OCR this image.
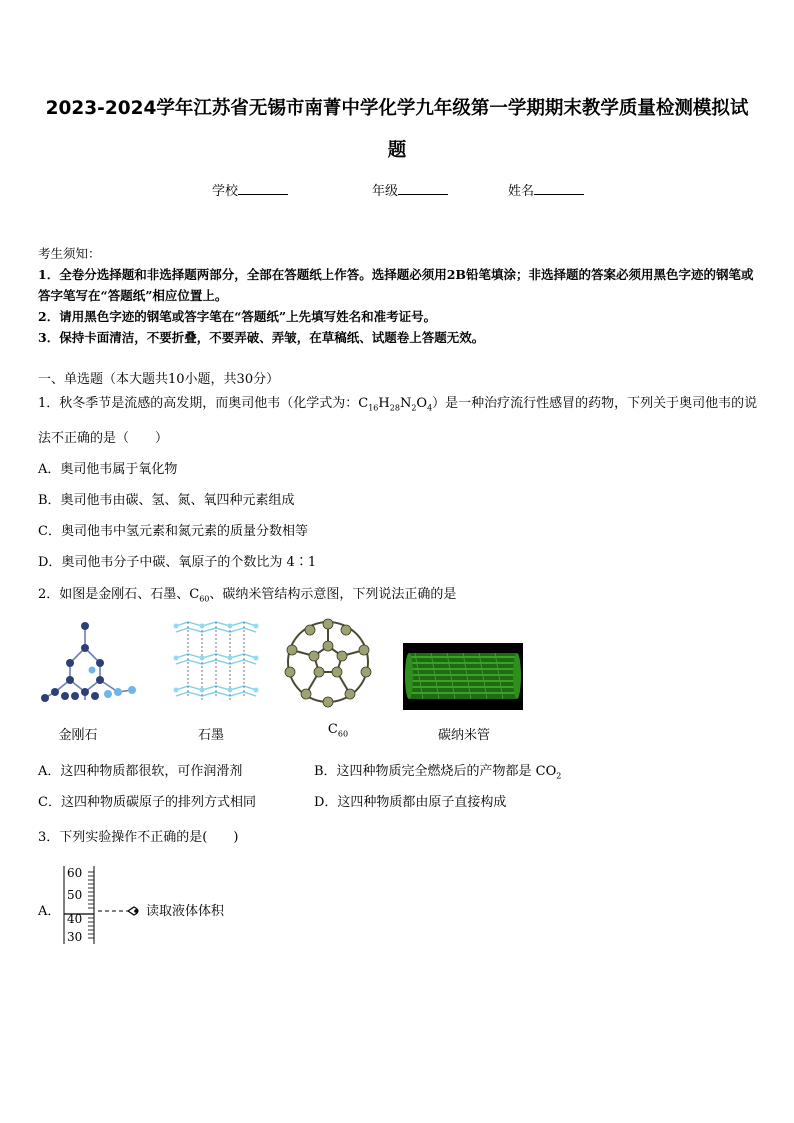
2023-2024学年江苏省无锡市南菁中学化学九年级第一学期期末教学质量检测模拟试题
学校	年级	姓名
考生须知：
1．全卷分选择题和非选择题两部分，全部在答题纸上作答。选择题必须用2B铅笔填涂；非选择题的答案必须用黑色字迹的钢笔或答字笔写在“答题纸”相应位置上。
2．请用黑色字迹的钢笔或答字笔在“答题纸”上先填写姓名和准考证号。
3．保持卡面清洁，不要折叠，不要弄破、弄皱，在草稿纸、试题卷上答题无效。
一、单选题（本大题共10小题，共30分）
1．秋冬季节是流感的高发期，而奥司他韦（化学式为：$C_{16}H_{28}N_2O_4$）是一种治疗流行性感冒的药物，下列关于奥司他韦的说法不正确的是（　　）
A．奥司他韦属于氧化物
B．奥司他韦由碳、氢、氮、氧四种元素组成
C．奥司他韦中氢元素和氮元素的质量分数相等
D．奥司他韦分子中碳、氧原子的个数比为 4∶1
2．如图是金刚石、石墨、$C_{60}$、碳纳米管结构示意图，下列说法正确的是
金刚石	石墨	$C_{60}$	碳纳米管
A．这四种物质都很软，可作润滑剂	B．这四种物质完全燃烧后的产物都是 $CO_2$
C．这四种物质碳原子的排列方式相同	D．这四种物质都由原子直接构成
3．下列实验操作不正确的是(　　)
A．
60
50
40
30
读取液体体积
